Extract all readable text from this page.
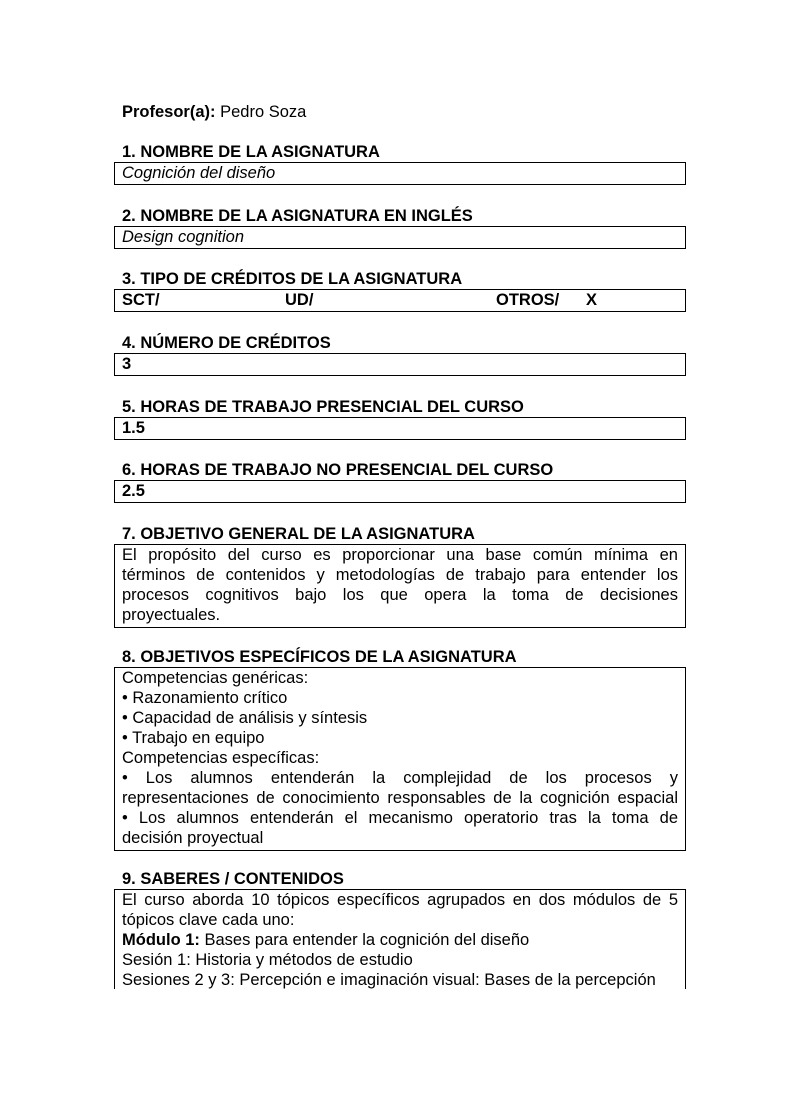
Profesor(a): Pedro Soza
1. NOMBRE DE LA ASIGNATURA
Cognición del diseño
2. NOMBRE DE LA ASIGNATURA EN INGLÉS
Design cognition
3. TIPO DE CRÉDITOS DE LA ASIGNATURA
SCT/	UD/	OTROS/ X
4. NÚMERO DE CRÉDITOS
3
5. HORAS DE TRABAJO PRESENCIAL DEL CURSO
1.5
6. HORAS DE TRABAJO NO PRESENCIAL DEL CURSO
2.5
7. OBJETIVO GENERAL DE LA ASIGNATURA
El propósito del curso es proporcionar una base común mínima en
términos de contenidos y metodologías de trabajo para entender los
procesos cognitivos bajo los que opera la toma de decisiones
proyectuales.
8. OBJETIVOS ESPECÍFICOS DE LA ASIGNATURA
Competencias genéricas:
• Razonamiento crítico
• Capacidad de análisis y síntesis
• Trabajo en equipo
Competencias específicas:
• Los alumnos entenderán la complejidad de los procesos y
representaciones de conocimiento responsables de la cognición espacial
• Los alumnos entenderán el mecanismo operatorio tras la toma de
decisión proyectual
9. SABERES / CONTENIDOS
El curso aborda 10 tópicos específicos agrupados en dos módulos de 5
tópicos clave cada uno:
Módulo 1: Bases para entender la cognición del diseño
Sesión 1: Historia y métodos de estudio
Sesiones 2 y 3: Percepción e imaginación visual: Bases de la percepción
